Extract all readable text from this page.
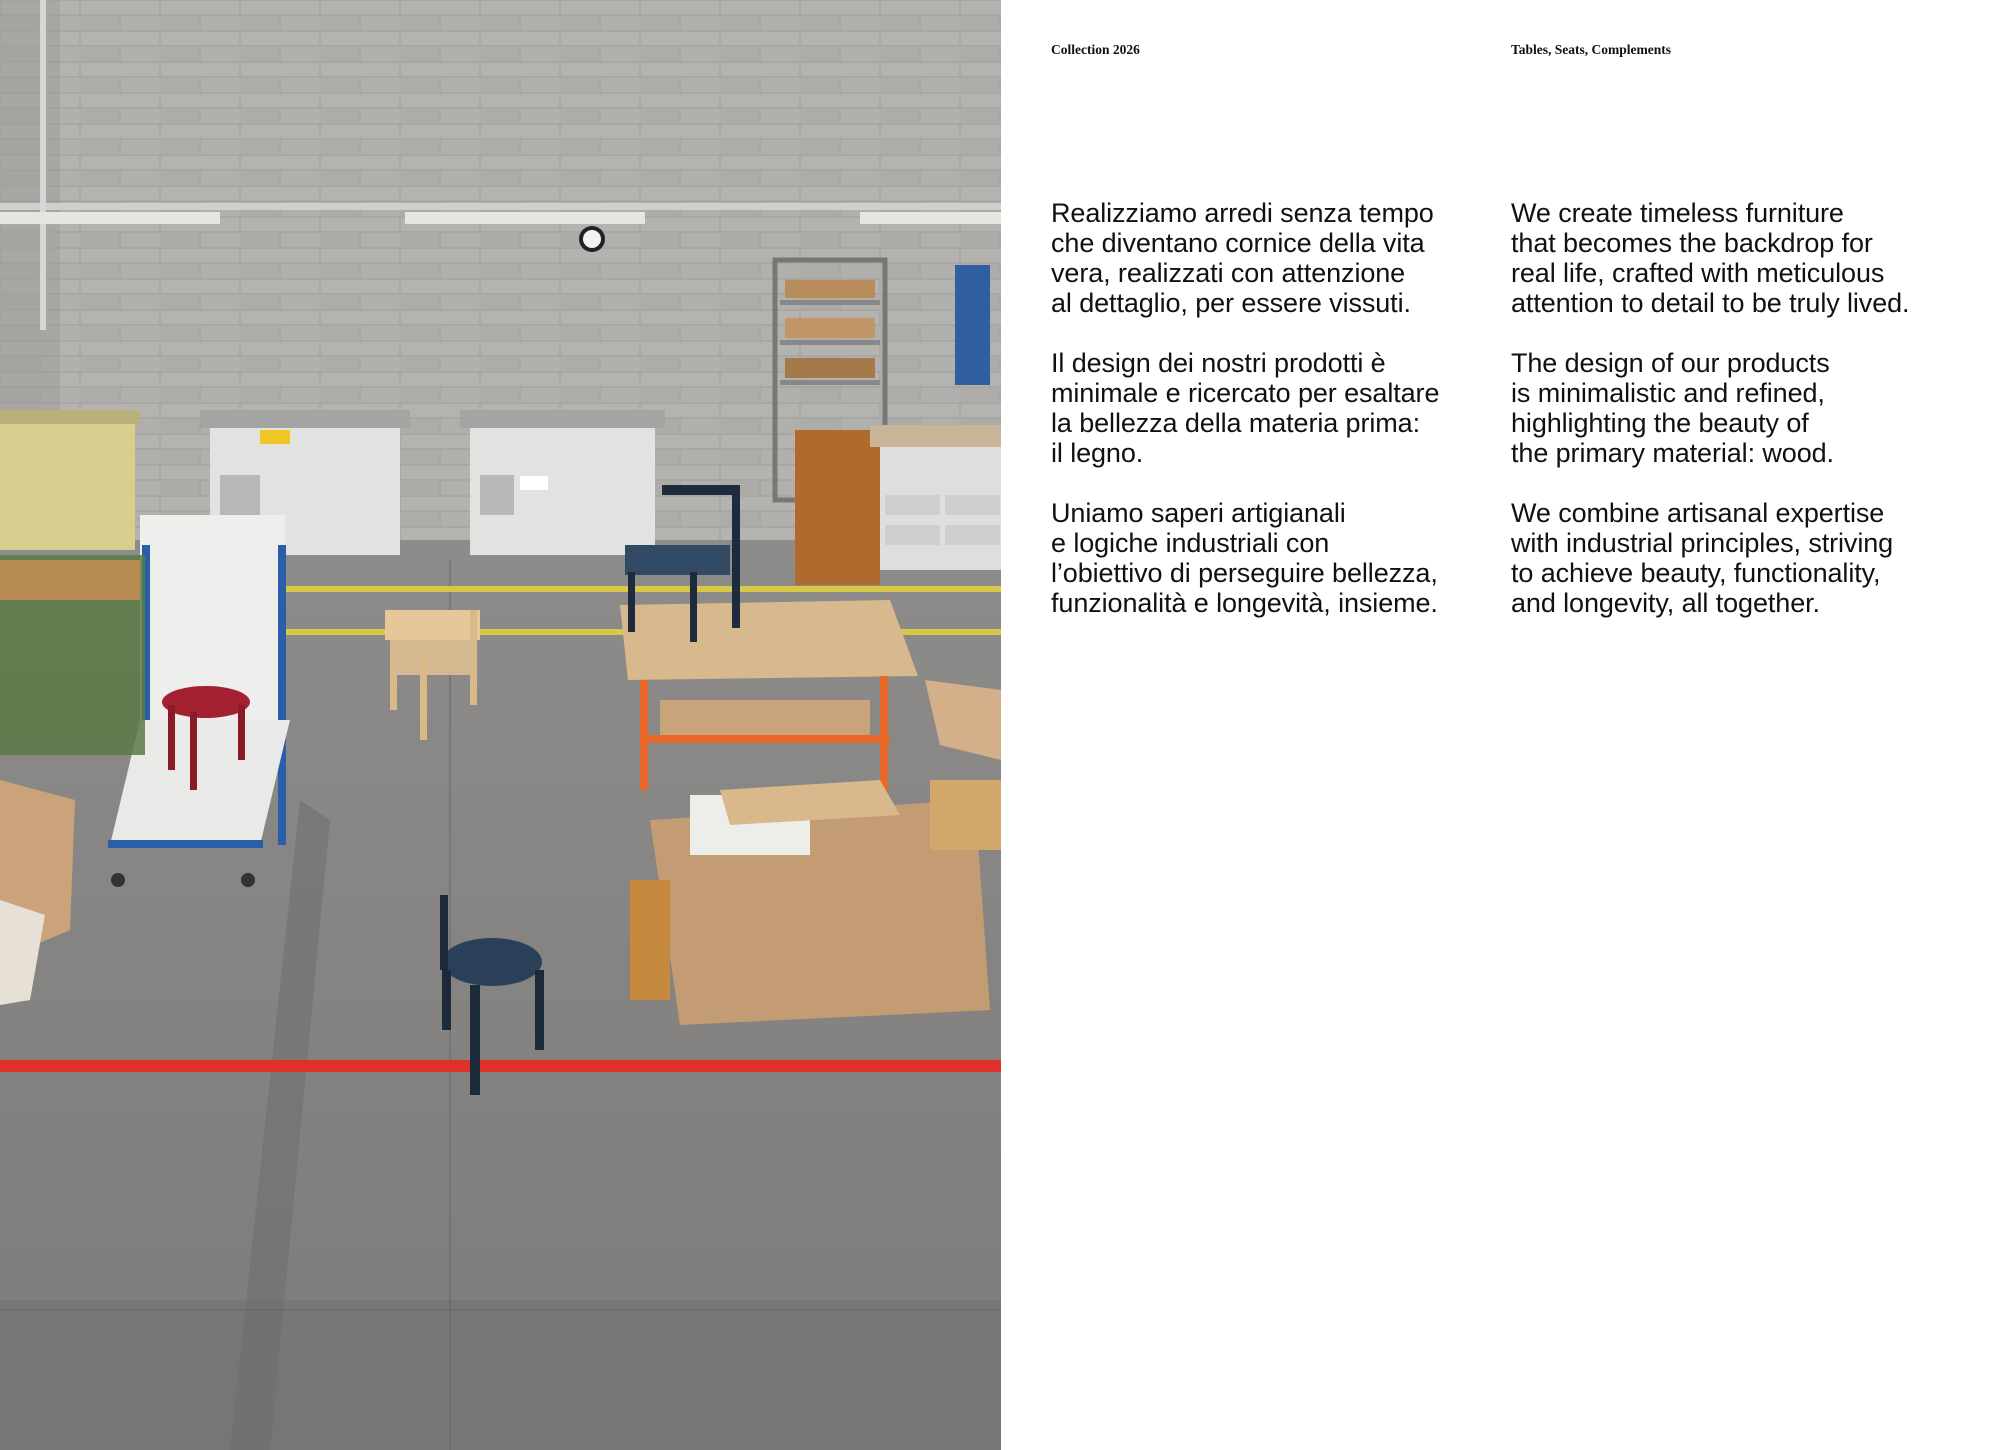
Collection 2026	Tables, Seats, Complements

Realizziamo arredi senza tempo
che diventano cornice della vita
vera, realizzati con attenzione
al dettaglio, per essere vissuti.

Il design dei nostri prodotti è
minimale e ricercato per esaltare
la bellezza della materia prima:
il legno.

Uniamo saperi artigianali
e logiche industriali con
l’obiettivo di perseguire bellezza,
funzionalità e longevità, insieme.

We create timeless furniture
that becomes the backdrop for
real life, crafted with meticulous
attention to detail to be truly lived.

The design of our products
is minimalistic and refined,
highlighting the beauty of
the primary material: wood.

We combine artisanal expertise
with industrial principles, striving
to achieve beauty, functionality,
and longevity, all together.
